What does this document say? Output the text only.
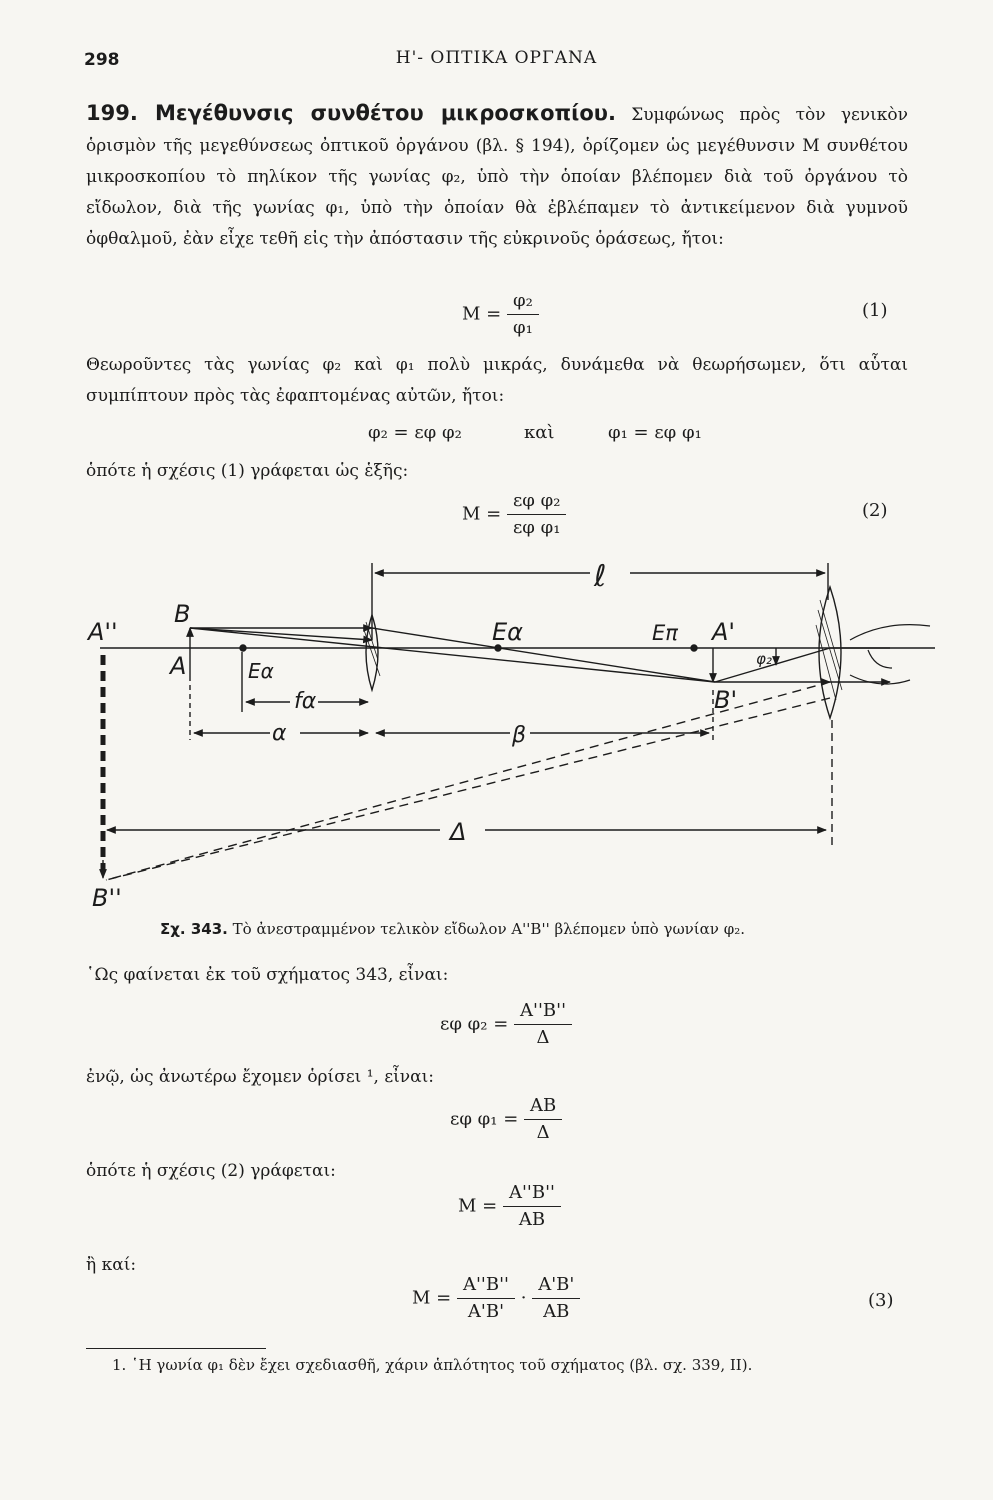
298	Η'- ΟΠΤΙΚΑ ΟΡΓΑΝΑ
199. Μεγέθυνσις συνθέτου μικροσκοπίου. Συμφώνως πρὸς τὸν γενικὸν ὁρισμὸν τῆς μεγεθύνσεως ὀπτικοῦ ὀργάνου (βλ. § 194), ὁρίζομεν ὡς μεγέθυνσιν Μ συνθέτου μικροσκοπίου τὸ πηλίκον τῆς γωνίας φ₂, ὑπὸ τὴν ὁποίαν βλέπομεν διὰ τοῦ ὀργάνου τὸ εἴδωλον, διὰ τῆς γωνίας φ₁, ὑπὸ τὴν ὁποίαν θὰ ἐβλέπαμεν τὸ ἀντικείμενον διὰ γυμνοῦ ὀφθαλμοῦ, ἐὰν εἶχε τεθῆ εἰς τὴν ἀπόστασιν τῆς εὐκρινοῦς ὁράσεως, ἤτοι:
$M = \frac{\text{φ₂}}{\text{φ₁}}$	(1)
Θεωροῦντες τὰς γωνίας φ₂ καὶ φ₁ πολὺ μικράς, δυνάμεθα νὰ θεωρήσωμεν, ὅτι αὗται συμπίπτουν πρὸς τὰς ἐφαπτομένας αὐτῶν, ἤτοι:
φ₂ = εφ φ₂	καὶ	φ₁ = εφ φ₁
ὁπότε ἡ σχέσις (1) γράφεται ὡς ἑξῆς:
$M = \frac{\text{εφ φ₂}}{\text{εφ φ₁}}$	(2)
ℓ
A''
B
A	Eα
Eα	Eπ A'
B'
φ₂
fα
α	β
Δ
B''
Σχ. 343. Τὸ ἀνεστραμμένον τελικὸν εἴδωλον Α''Β'' βλέπομεν ὑπὸ γωνίαν φ₂.
῾Ως φαίνεται ἐκ τοῦ σχήματος 343, εἶναι:
εφ $\varphi_2 = \frac{A''B''}{\Delta}$
ἐνῷ, ὡς ἀνωτέρω ἔχομεν ὁρίσει ¹, εἶναι:
εφ $\varphi_1 = \frac{AB}{\Delta}$
ὁπότε ἡ σχέσις (2) γράφεται:
$M = \frac{A''B''}{AB}$
ἢ καί:
$M = \frac{A''B''}{A'B'} \cdot \frac{A'B'}{AB}$	(3)
1. ῾Η γωνία φ₁ δὲν ἔχει σχεδιασθῆ, χάριν ἁπλότητος τοῦ σχήματος (βλ. σχ. 339, ΙΙ).
